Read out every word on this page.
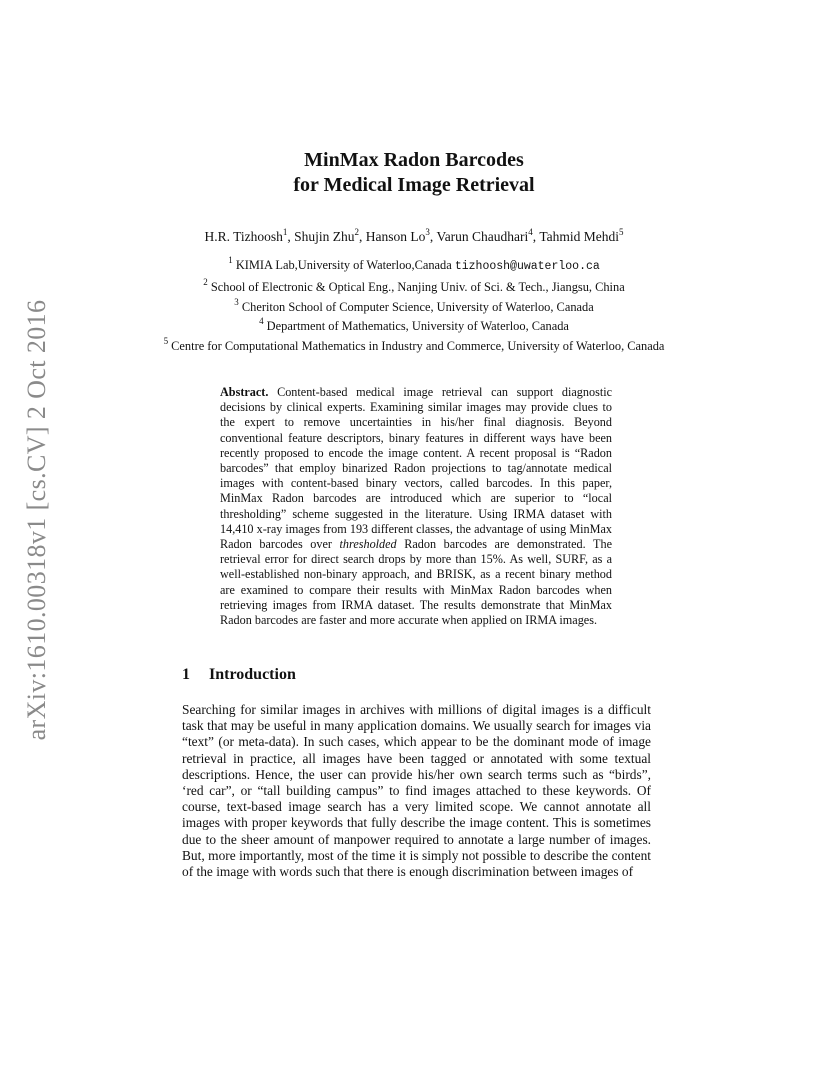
arXiv:1610.00318v1 [cs.CV] 2 Oct 2016
MinMax Radon Barcodes
for Medical Image Retrieval
H.R. Tizhoosh$^1$, Shujin Zhu$^2$, Hanson Lo$^3$, Varun Chaudhari$^4$, Tahmid Mehdi$^5$
$^1$ KIMIA Lab,University of Waterloo,Canada tizhoosh@uwaterloo.ca
$^2$ School of Electronic & Optical Eng., Nanjing Univ. of Sci. & Tech., Jiangsu, China
$^3$ Cheriton School of Computer Science, University of Waterloo, Canada
$^4$ Department of Mathematics, University of Waterloo, Canada
$^5$ Centre for Computational Mathematics in Industry and Commerce, University of Waterloo, Canada
Abstract. Content-based medical image retrieval can support diagnostic decisions by clinical experts. Examining similar images may provide clues to the expert to remove uncertainties in his/her final diagnosis. Beyond conventional feature descriptors, binary features in different ways have been recently proposed to encode the image content. A recent proposal is “Radon barcodes” that employ binarized Radon projections to tag/annotate medical images with content-based binary vectors, called barcodes. In this paper, MinMax Radon barcodes are introduced which are superior to “local thresholding” scheme suggested in the literature. Using IRMA dataset with 14,410 x-ray images from 193 different classes, the advantage of using MinMax Radon barcodes over thresholded Radon barcodes are demonstrated. The retrieval error for direct search drops by more than 15%. As well, SURF, as a well-established non-binary approach, and BRISK, as a recent binary method are examined to compare their results with MinMax Radon barcodes when retrieving images from IRMA dataset. The results demonstrate that MinMax Radon barcodes are faster and more accurate when applied on IRMA images.
1 Introduction

Searching for similar images in archives with millions of digital images is a difficult task that may be useful in many application domains. We usually search for images via “text” (or meta-data). In such cases, which appear to be the dominant mode of image retrieval in practice, all images have been tagged or annotated with some textual descriptions. Hence, the user can provide his/her own search terms such as “birds”, ‘red car”, or “tall building campus” to find images attached to these keywords. Of course, text-based image search has a very limited scope. We cannot annotate all images with proper keywords that fully describe the image content. This is sometimes due to the sheer amount of manpower required to annotate a large number of images. But, more importantly, most of the time it is simply not possible to describe the content of the image with words such that there is enough discrimination between images of
